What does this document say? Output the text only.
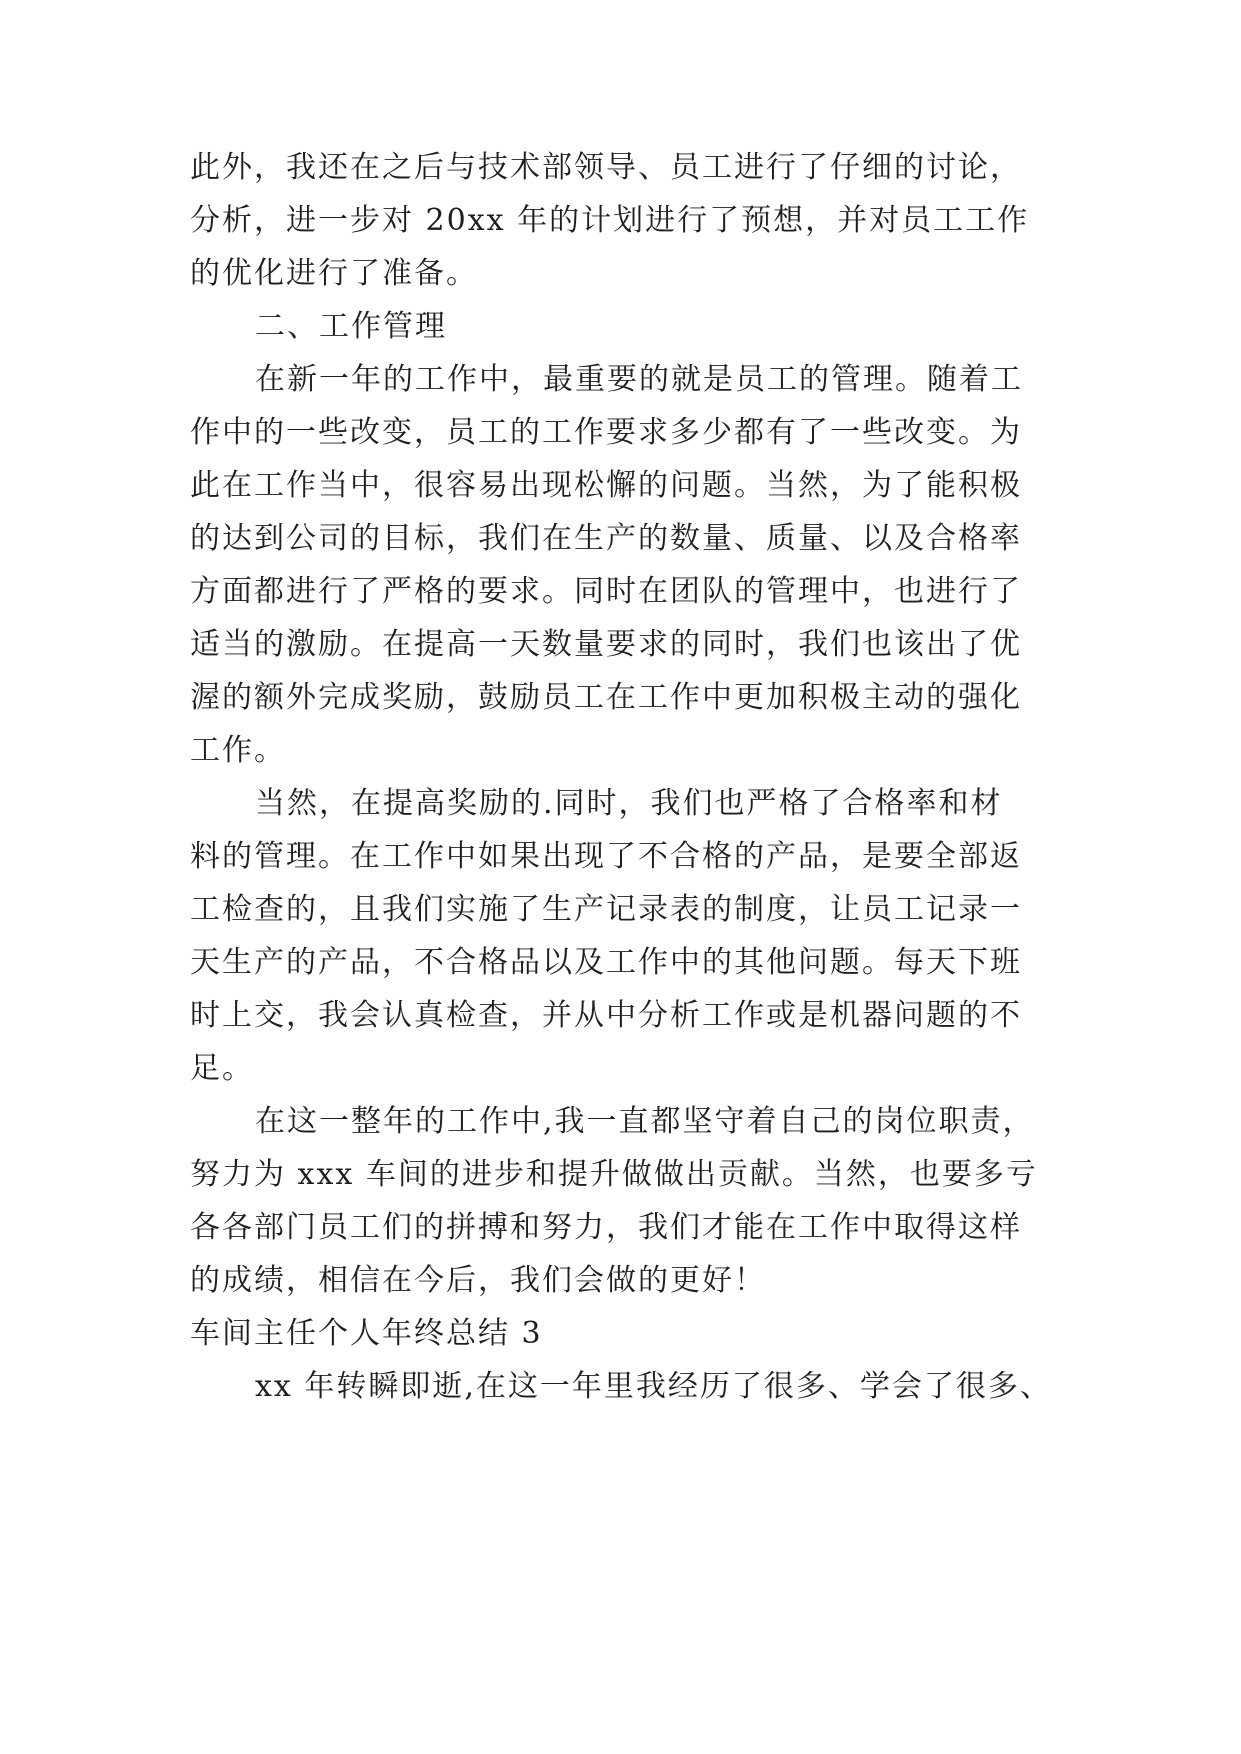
此外，我还在之后与技术部领导、员工进行了仔细的讨论，
分析，进一步对 20xx 年的计划进行了预想，并对员工工作
的优化进行了准备。
二、工作管理
在新一年的工作中，最重要的就是员工的管理。随着工
作中的一些改变，员工的工作要求多少都有了一些改变。为
此在工作当中，很容易出现松懈的问题。当然，为了能积极
的达到公司的目标，我们在生产的数量、质量、以及合格率
方面都进行了严格的要求。同时在团队的管理中，也进行了
适当的激励。在提高一天数量要求的同时，我们也该出了优
渥的额外完成奖励，鼓励员工在工作中更加积极主动的强化
工作。
当然，在提高奖励的.同时，我们也严格了合格率和材
料的管理。在工作中如果出现了不合格的产品，是要全部返
工检查的，且我们实施了生产记录表的制度，让员工记录一
天生产的产品，不合格品以及工作中的其他问题。每天下班
时上交，我会认真检查，并从中分析工作或是机器问题的不
足。
在这一整年的工作中,我一直都坚守着自己的岗位职责，
努力为 xxx 车间的进步和提升做做出贡献。当然，也要多亏
各各部门员工们的拼搏和努力，我们才能在工作中取得这样
的成绩，相信在今后，我们会做的更好！
车间主任个人年终总结 3
xx 年转瞬即逝,在这一年里我经历了很多、学会了很多、
